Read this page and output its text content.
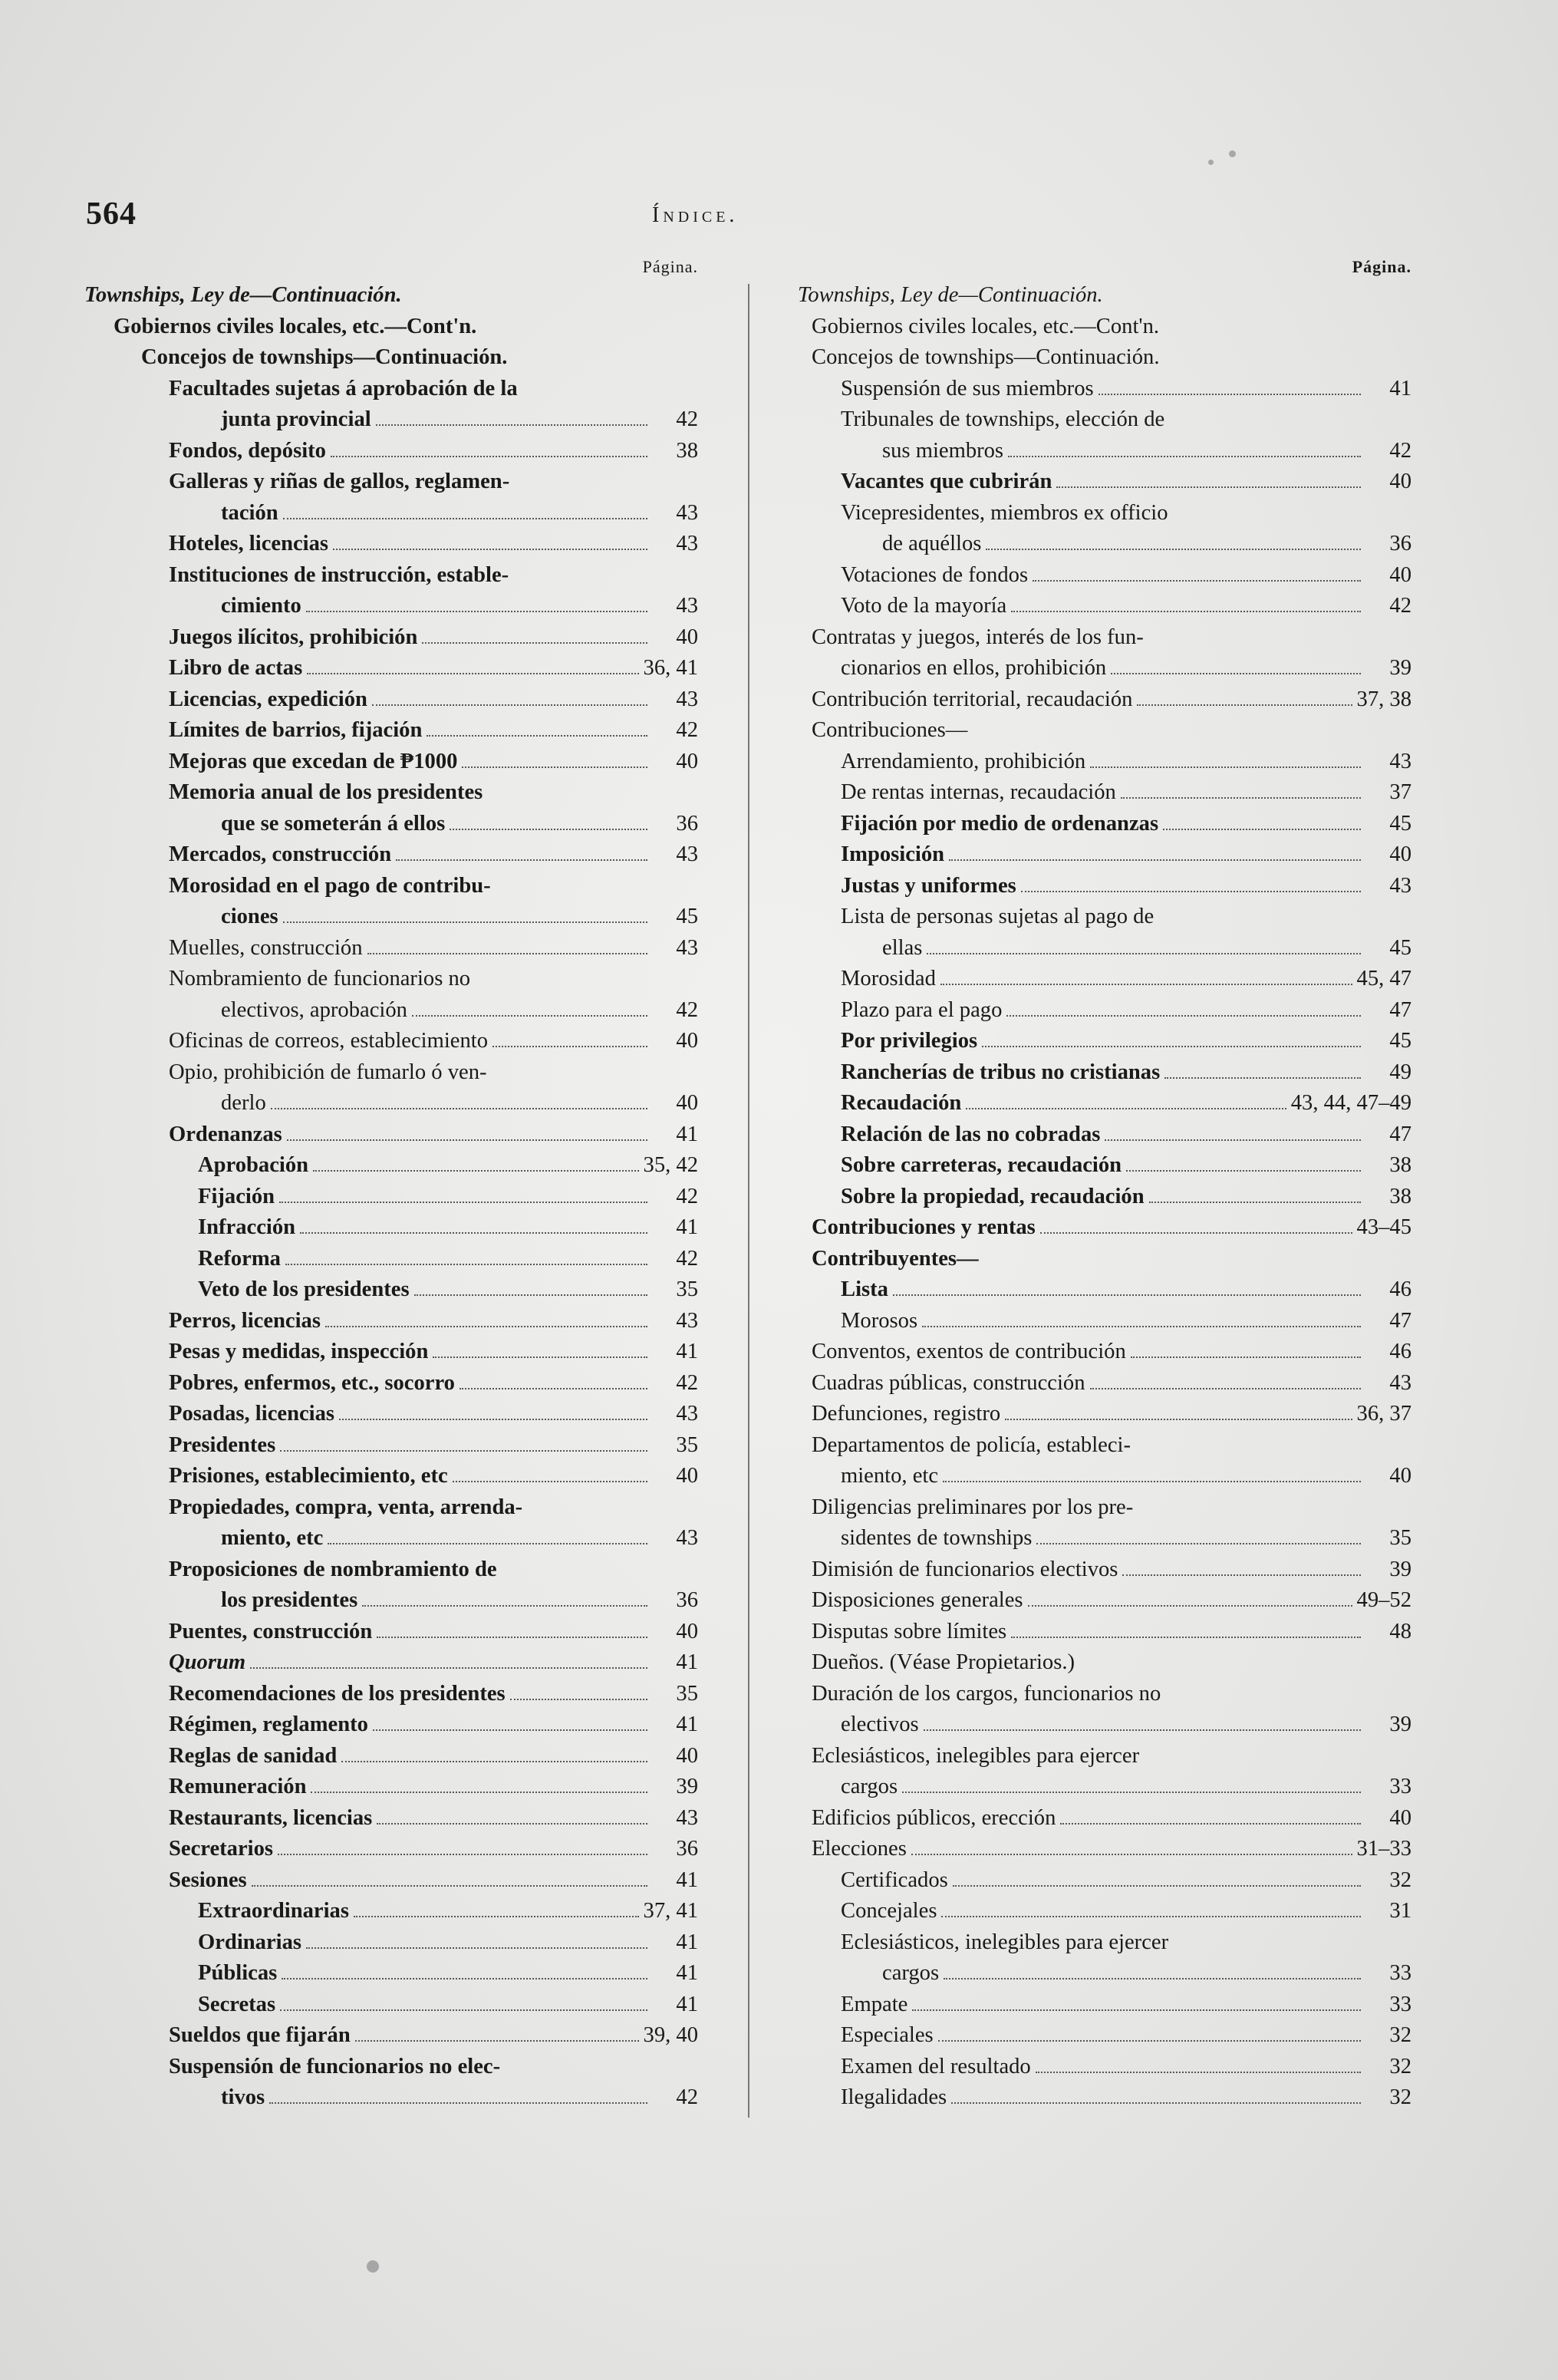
564	Índice.
Página.
Townships, Ley de—Continuación.
Gobiernos civiles locales, etc.—Cont'n.
Concejos de townships—Continuación.
Facultades sujetas á aprobación de la
junta provincial	42
Fondos, depósito	38
Galleras y riñas de gallos, reglamen-
tación	43
Hoteles, licencias	43
Instituciones de instrucción, estable-
cimiento	43
Juegos ilícitos, prohibición	40
Libro de actas	36, 41
Licencias, expedición	43
Límites de barrios, fijación	42
Mejoras que excedan de ₱1000	40
Memoria anual de los presidentes
que se someterán á ellos	36
Mercados, construcción	43
Morosidad en el pago de contribu-
ciones	45
Muelles, construcción	43
Nombramiento de funcionarios no
electivos, aprobación	42
Oficinas de correos, establecimiento	40
Opio, prohibición de fumarlo ó ven-
derlo	40
Ordenanzas	41
Aprobación	35, 42
Fijación	42
Infracción	41
Reforma	42
Veto de los presidentes	35
Perros, licencias	43
Pesas y medidas, inspección	41
Pobres, enfermos, etc., socorro	42
Posadas, licencias	43
Presidentes	35
Prisiones, establecimiento, etc	40
Propiedades, compra, venta, arrenda-
miento, etc	43
Proposiciones de nombramiento de
los presidentes	36
Puentes, construcción	40
Quorum	41
Recomendaciones de los presidentes	35
Régimen, reglamento	41
Reglas de sanidad	40
Remuneración	39
Restaurants, licencias	43
Secretarios	36
Sesiones	41
Extraordinarias	37, 41
Ordinarias	41
Públicas	41
Secretas	41
Sueldos que fijarán	39, 40
Suspensión de funcionarios no elec-
tivos	42
Página.
Townships, Ley de—Continuación.
Gobiernos civiles locales, etc.—Cont'n.
Concejos de townships—Continuación.
Suspensión de sus miembros	41
Tribunales de townships, elección de
sus miembros	42
Vacantes que cubrirán	40
Vicepresidentes, miembros ex officio
de aquéllos	36
Votaciones de fondos	40
Voto de la mayoría	42
Contratas y juegos, interés de los fun-
cionarios en ellos, prohibición	39
Contribución territorial, recaudación	37, 38
Contribuciones—
Arrendamiento, prohibición	43
De rentas internas, recaudación	37
Fijación por medio de ordenanzas	45
Imposición	40
Justas y uniformes	43
Lista de personas sujetas al pago de
ellas	45
Morosidad	45, 47
Plazo para el pago	47
Por privilegios	45
Rancherías de tribus no cristianas	49
Recaudación	43, 44, 47–49
Relación de las no cobradas	47
Sobre carreteras, recaudación	38
Sobre la propiedad, recaudación	38
Contribuciones y rentas	43–45
Contribuyentes—
Lista	46
Morosos	47
Conventos, exentos de contribución	46
Cuadras públicas, construcción	43
Defunciones, registro	36, 37
Departamentos de policía, estableci-
miento, etc	40
Diligencias preliminares por los pre-
sidentes de townships	35
Dimisión de funcionarios electivos	39
Disposiciones generales	49–52
Disputas sobre límites	48
Dueños. (Véase Propietarios.)
Duración de los cargos, funcionarios no
electivos	39
Eclesiásticos, inelegibles para ejercer
cargos	33
Edificios públicos, erección	40
Elecciones	31–33
Certificados	32
Concejales	31
Eclesiásticos, inelegibles para ejercer
cargos	33
Empate	33
Especiales	32
Examen del resultado	32
Ilegalidades	32
